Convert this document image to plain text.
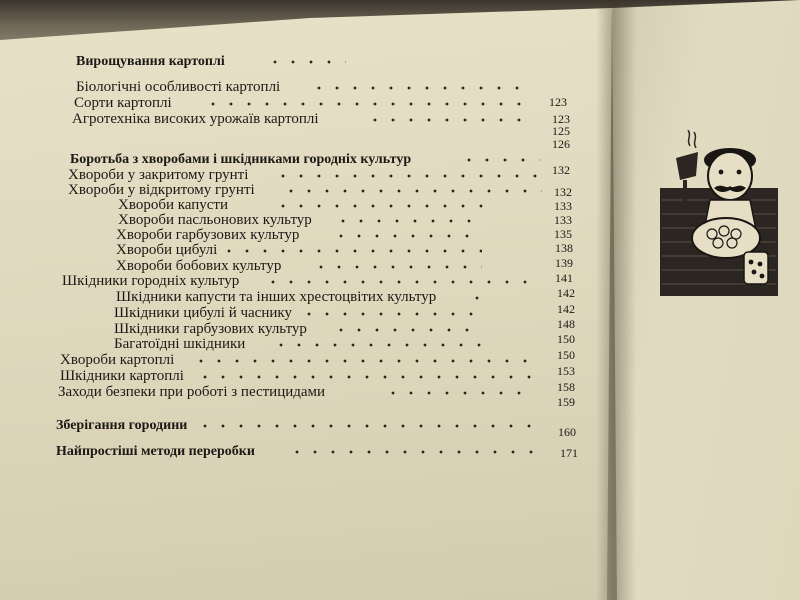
Вирощування картоплі
Біологічні особливості картоплі
Сорти картоплі
Агротехніка високих урожаїв картоплі
Боротьба з хворобами і шкідниками городніх культур
Хвороби у закритому грунті
Хвороби у відкритому грунті
Хвороби капусти
Хвороби пасльонових культур
Хвороби гарбузових культур
Хвороби цибулі
Хвороби бобових культур
Шкідники городніх культур
Шкідники капусти та інших хрестоцвітих культур
Шкідники цибулі й часнику
Шкідники гарбузових культур
Багатоїдні шкідники
Хвороби картоплі
Шкідники картоплі
Заходи безпеки при роботі з пестицидами
Зберігання городини
Найпростіші методи переробки
123
123
125
126
132
132
133
133
135
138
139
141
142
142
148
150
150
153
158
159
160
171
